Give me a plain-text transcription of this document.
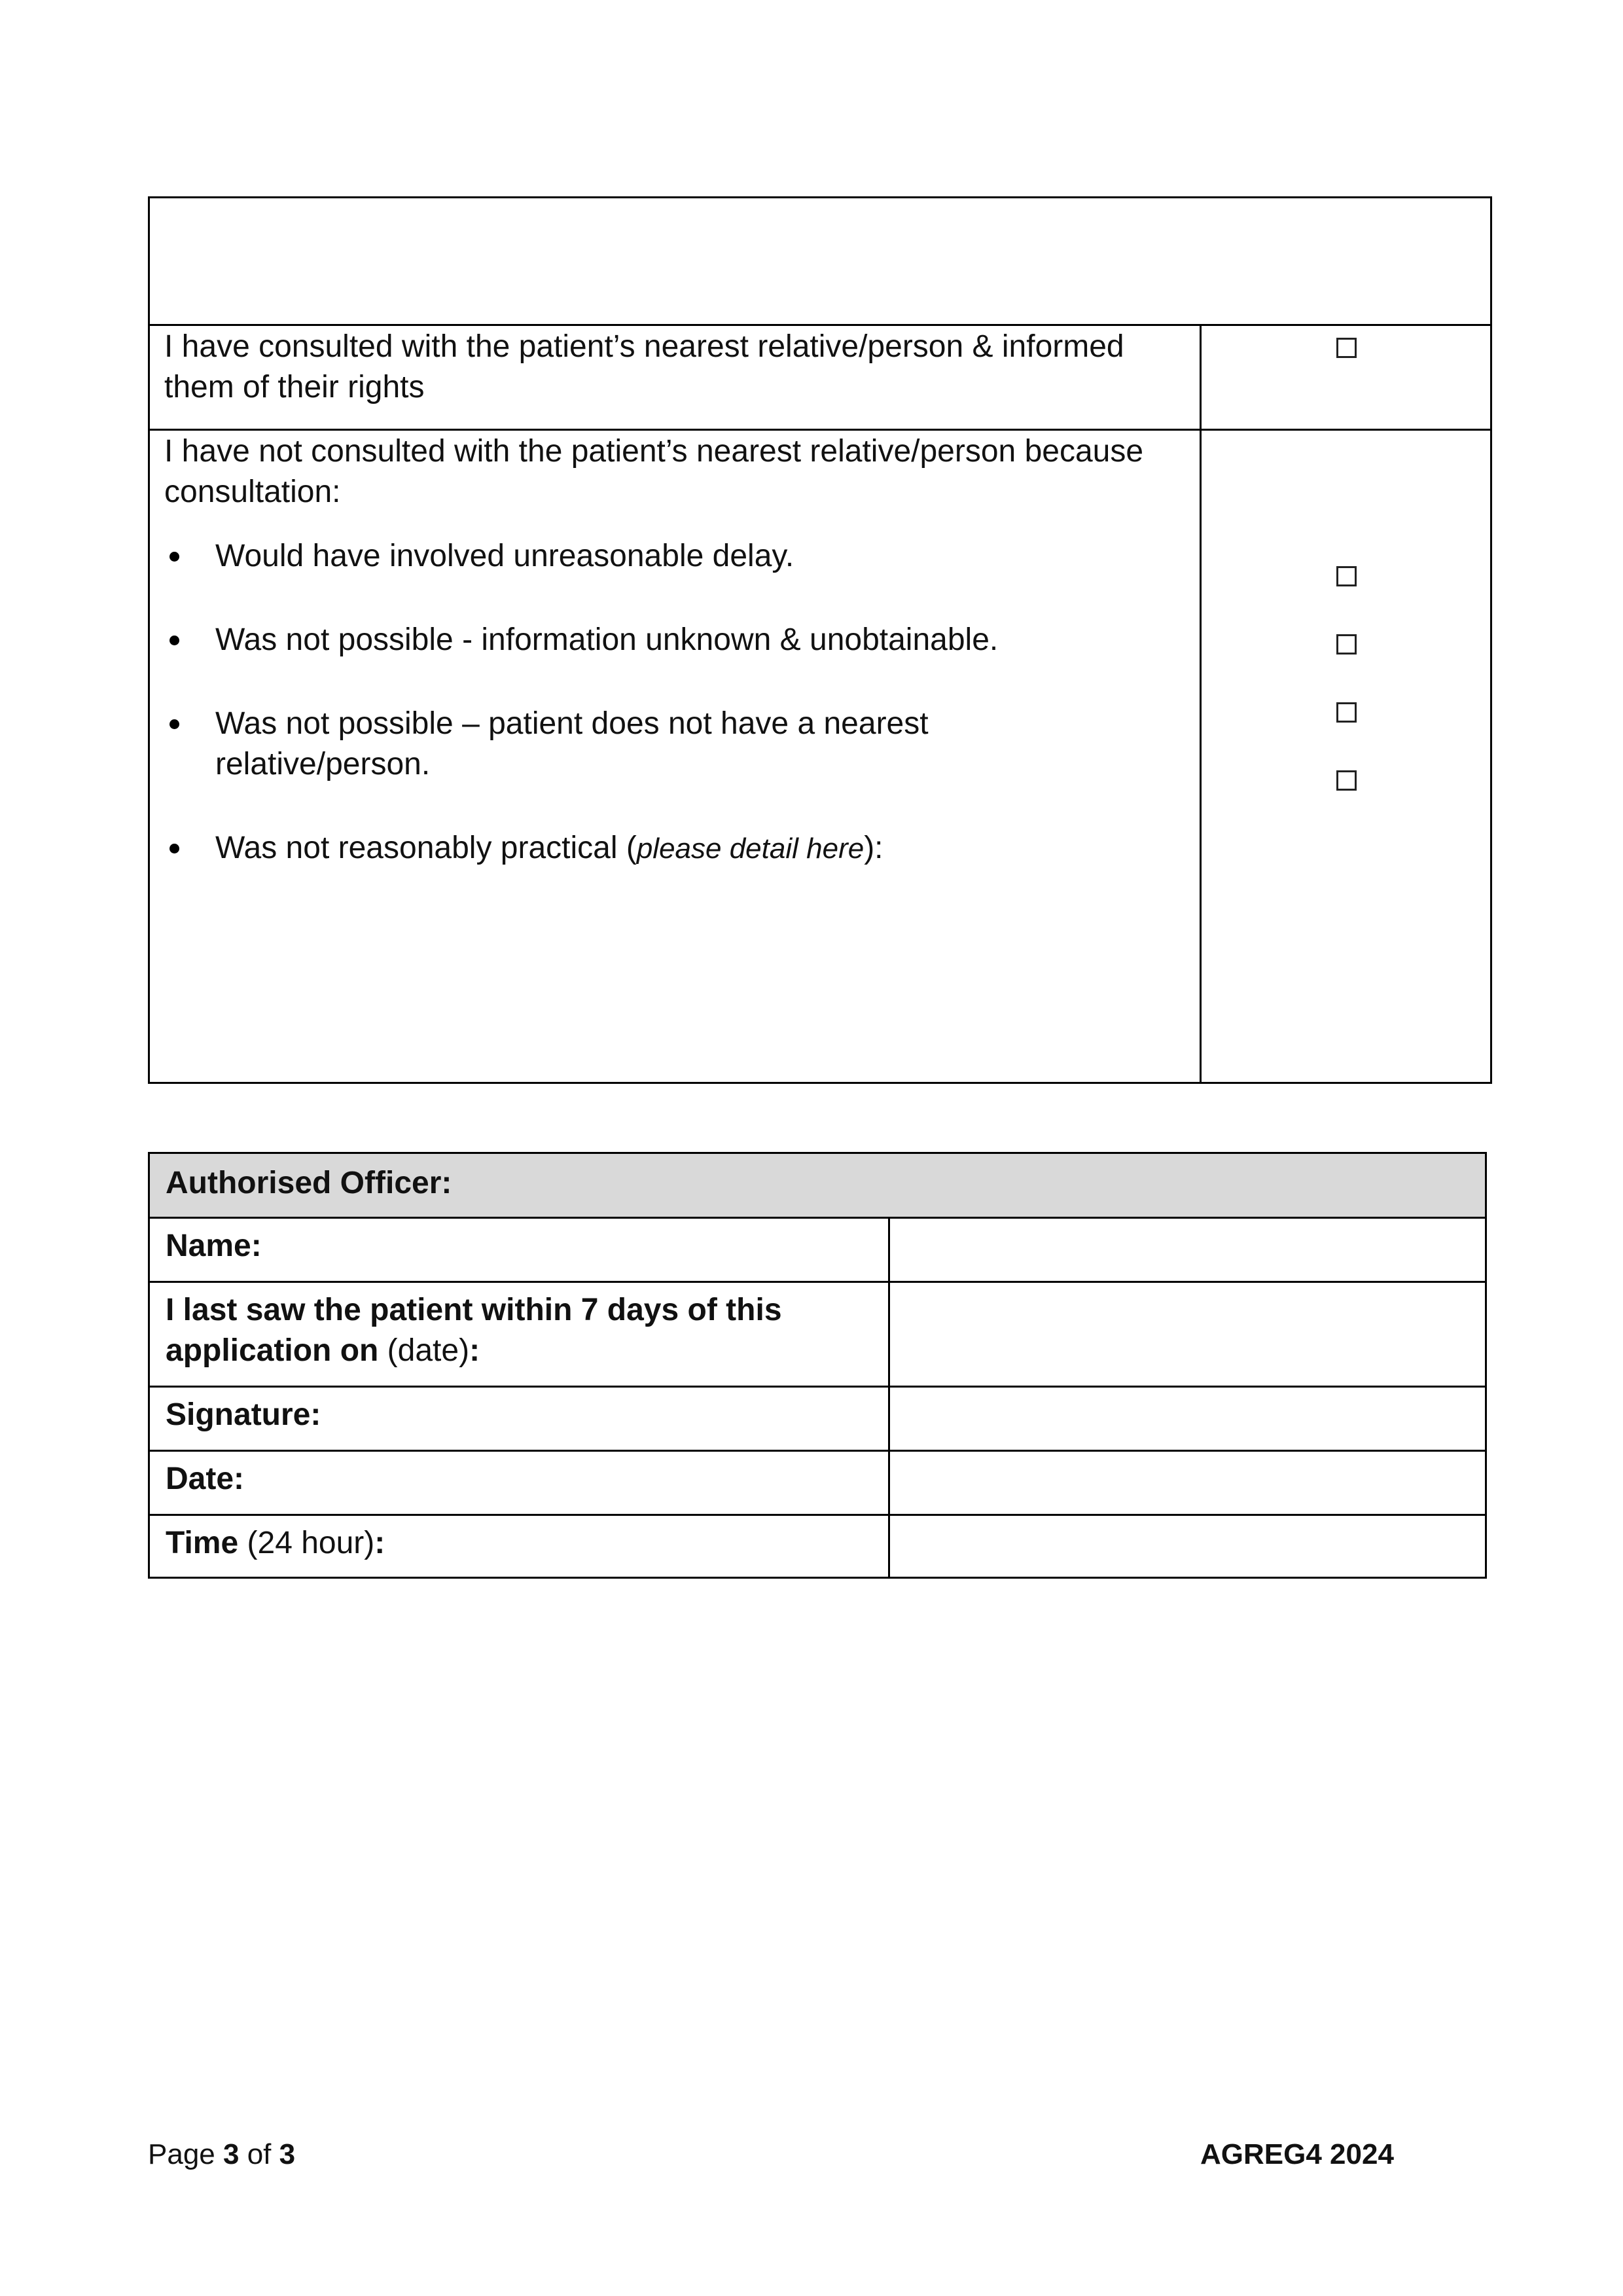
I have consulted with the patient’s nearest relative/person & informed them of their rights
I have not consulted with the patient’s nearest relative/person because consultation:
Would have involved unreasonable delay.
Was not possible - information unknown & unobtainable.
Was not possible – patient does not have a nearest relative/person.
Was not reasonably practical (please detail here):
Authorised Officer:
Name:
I last saw the patient within 7 days of this application on (date):
Signature:
Date:
Time (24 hour):
Page 3 of 3	AGREG4 2024
